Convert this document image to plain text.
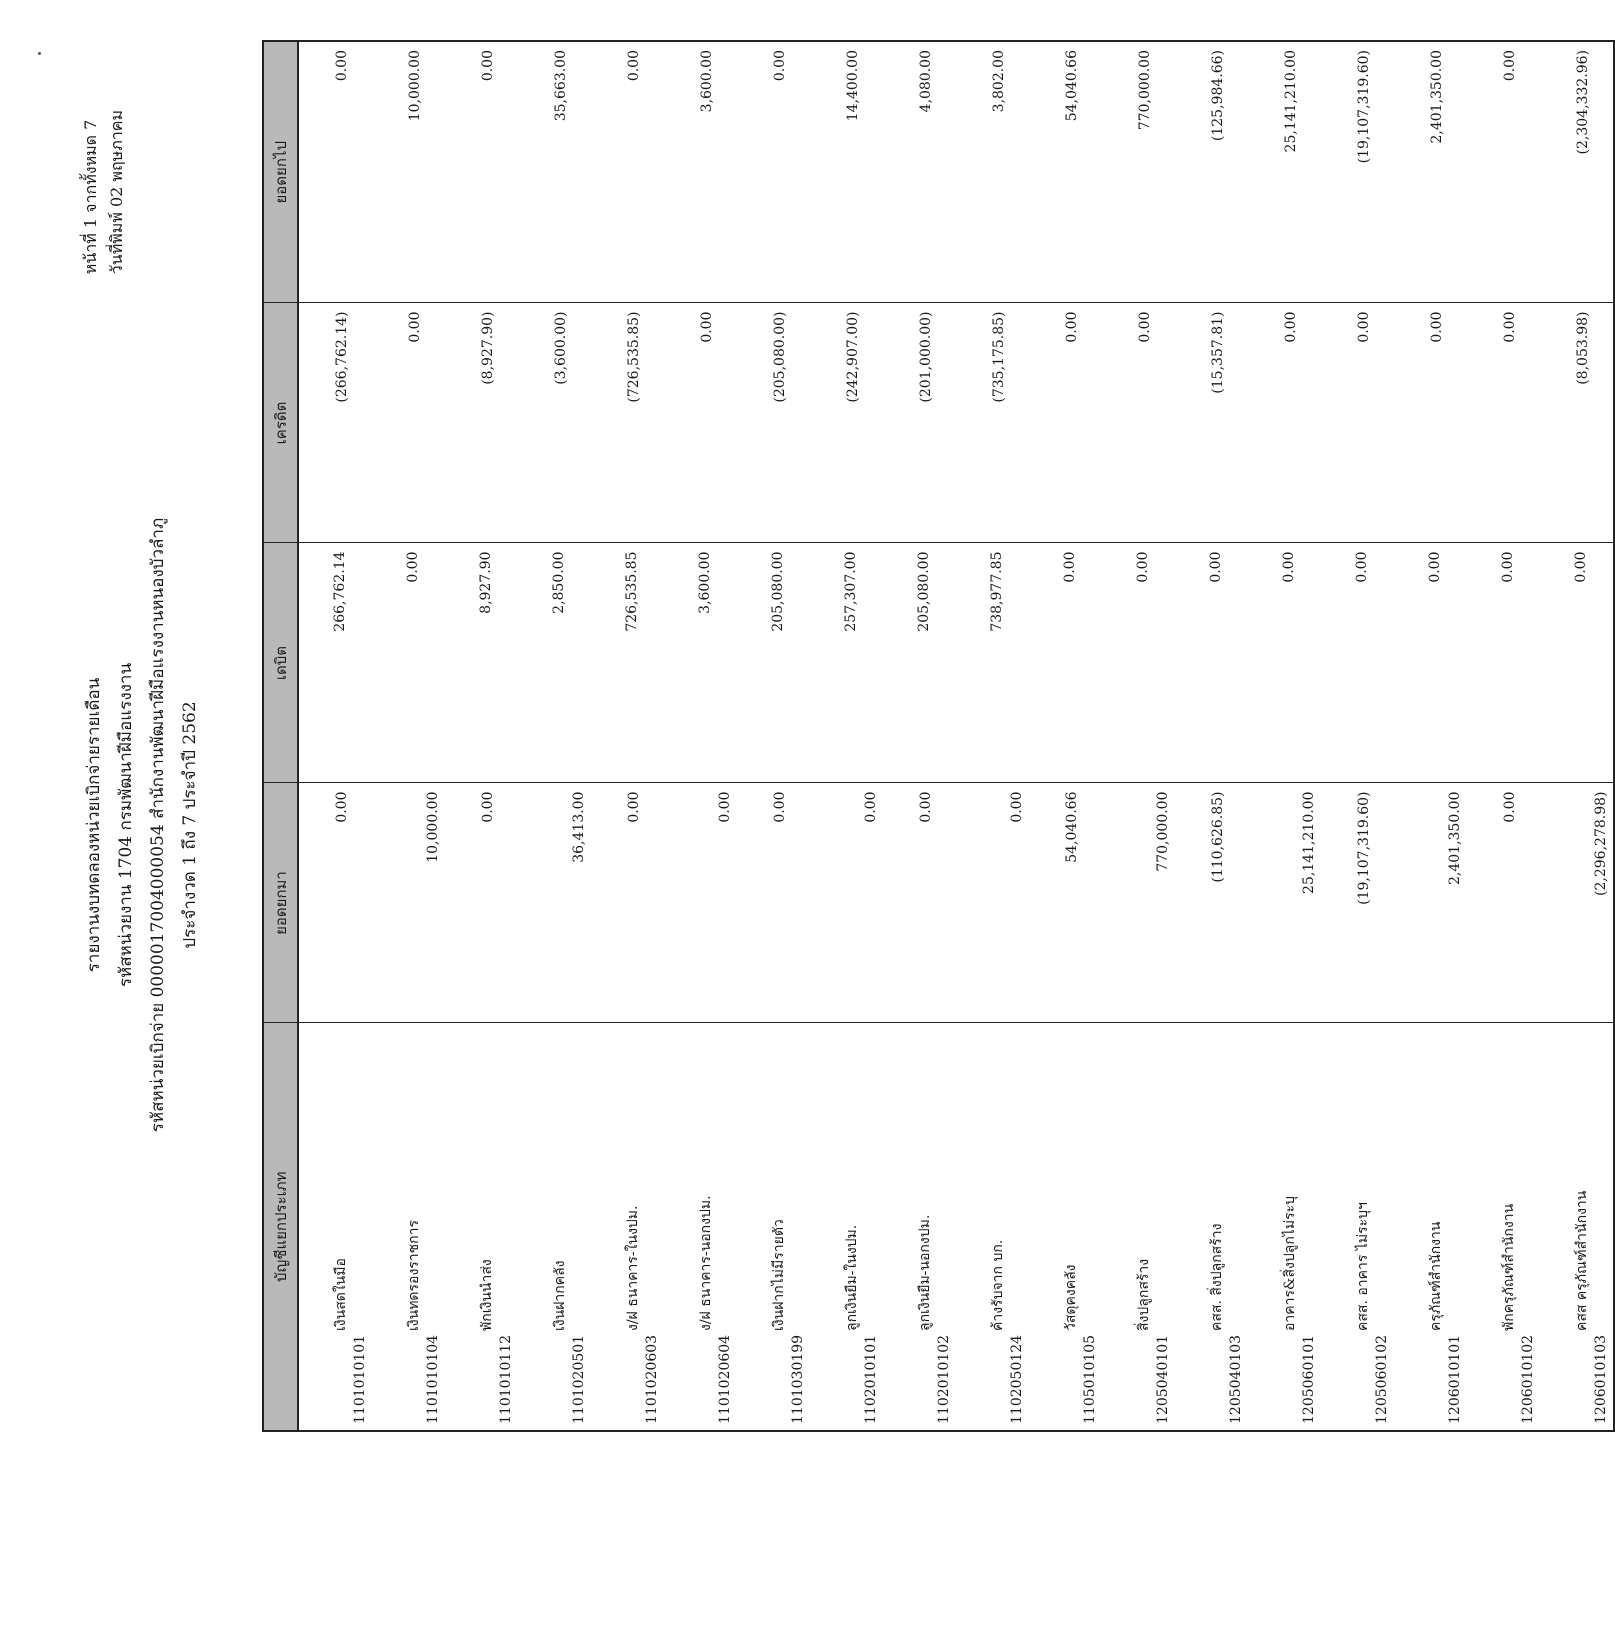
รายงานงบทดลองหน่วยเบิกจ่ายรายเดือน รหัสหน่วยงาน 1704 กรมพัฒนาฝีมือแรงงาน รหัสหน่วยเบิกจ่าย 0000017004000054 สำนักงานพัฒนาฝีมือแรงงานหนองบัวลำภู ประจำงวด 1 ถึง 7 ประจำปี 2562
หน้าที่ 1 จากทั้งหมด 7 วันที่พิมพ์ 02 พฤษภาคม
บัญชีแยกประเภท		ยอดยกมา	เดบิต	เครดิต	ยอดยกไป
1101010101	เงินสดในมือ	0.00	266,762.14	(266,762.14)	0.00
1101010104	เงินทดรองราชการ	10,000.00	0.00	0.00	10,000.00
1101010112	พักเงินนำส่ง	0.00	8,927.90	(8,927.90)	0.00
1101020501	เงินฝากคลัง	36,413.00	2,850.00	(3,600.00)	35,663.00
1101020603	ง/ฝ ธนาคาร-ในงปม.	0.00	726,535.85	(726,535.85)	0.00
1101020604	ง/ฝ ธนาคาร-นอกงปม.	0.00	3,600.00	0.00	3,600.00
1101030199	เงินฝากไม่มีรายตัว	0.00	205,080.00	(205,080.00)	0.00
1102010101	ลูกเงินยืม-ในงปม.	0.00	257,307.00	(242,907.00)	14,400.00
1102010102	ลูกเงินยืม-นอกงปม.	0.00	205,080.00	(201,000.00)	4,080.00
1102050124	ค้างรับจาก บก.	0.00	738,977.85	(735,175.85)	3,802.00
1105010105	วัสดุคงคลัง	54,040.66	0.00	0.00	54,040.66
1205040101	สิ่งปลูกสร้าง	770,000.00	0.00	0.00	770,000.00
1205040103	คสส. สิ่งปลูกสร้าง	(110,626.85)	0.00	(15,357.81)	(125,984.66)
1205060101	อาคาร&สิ่งปลูกไม่ระบุ	25,141,210.00	0.00	0.00	25,141,210.00
1205060102	คสส. อาคาร ไม่ระบุฯ	(19,107,319.60)	0.00	0.00	(19,107,319.60)
1206010101	ครุภัณฑ์สำนักงาน	2,401,350.00	0.00	0.00	2,401,350.00
1206010102	พักครุภัณฑ์สำนักงาน	0.00	0.00	0.00	0.00
1206010103	คสส ครุภัณฑ์สำนักงาน	(2,296,278.98)	0.00	(8,053.98)	(2,304,332.96)
